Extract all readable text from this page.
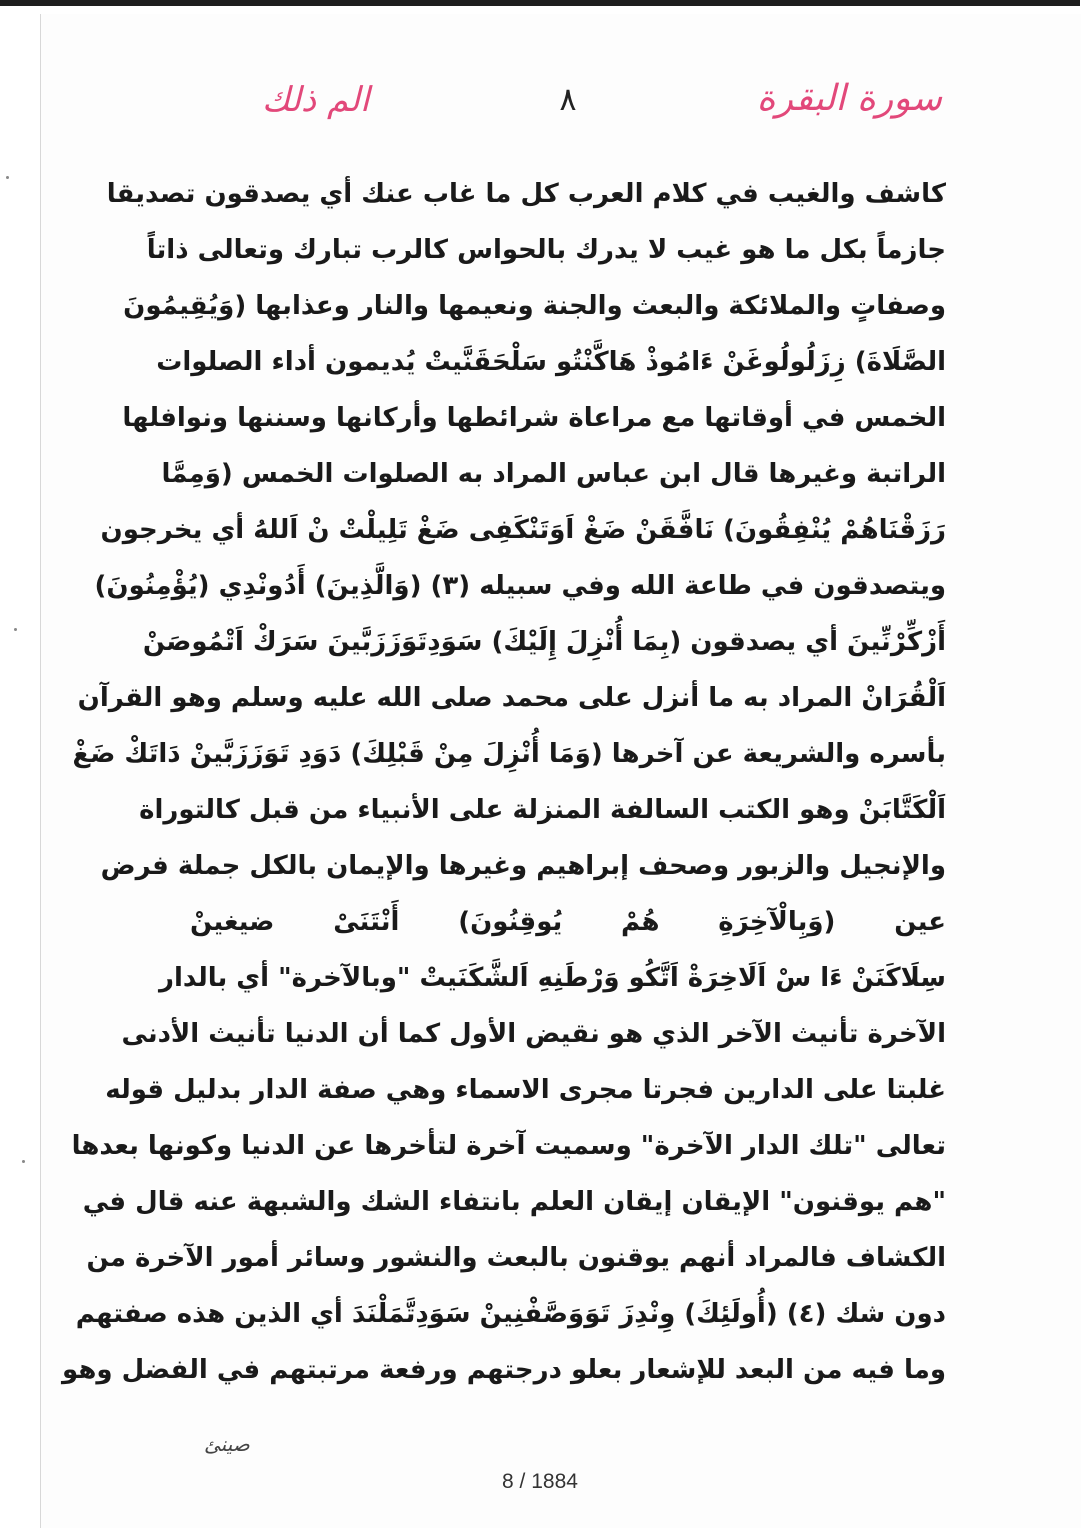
سورة البقرة
٨
الم ذلك
كاشف والغيب في كلام العرب كل ما غاب عنك أي يصدقون تصديقا
جازماً بكل ما هو غيب لا يدرك بالحواس كالرب تبارك وتعالى ذاتاً
وصفاتٍ والملائكة والبعث والجنة ونعيمها والنار وعذابها (وَيُقِيمُونَ
الصَّلَاةَ) زِزَلُولُوغَنْ ءَامُوذْ هَاكَّنْتُو سَلْحَقَنَّيتْ يُديمون أداء الصلوات
الخمس في أوقاتها مع مراعاة شرائطها وأركانها وسننها ونوافلها
الراتبة وغيرها قال ابن عباس المراد به الصلوات الخمس (وَمِمَّا
رَزَقْنَاهُمْ يُنْفِقُونَ) نَافَّقَنْ ضَغْ اَوَتَنْكَفِى ضَغْ تَلِيلْتْ نْ اَللهُ أي يخرجون
ويتصدقون في طاعة الله وفي سبيله (٣) (وَالَّذِينَ) أَدُونْدِي (يُؤْمِنُونَ)
أَزْكِّرْنِّينَ أي يصدقون (بِمَا أُنْزِلَ إِلَيْكَ) سَوَدِتَوَزَزَبَّينَ سَرَكْ اَتْمُوصَنْ
اَلْقُرَانْ المراد به ما أنزل على محمد صلى الله عليه وسلم وهو القرآن
بأسره والشريعة عن آخرها (وَمَا أُنْزِلَ مِنْ قَبْلِكَ) دَوَدِ تَوَزَزَبَّينْ دَاتَكْ ضَغْ
اَلْكَتَّابَنْ وهو الكتب السالفة المنزلة على الأنبياء من قبل كالتوراة
والإنجيل والزبور وصحف إبراهيم وغيرها والإيمان بالكل جملة فرض
عين (وَبِالْآخِرَةِ هُمْ يُوقِنُونَ) أَنْتَنَىْ ضيغينْ
سِلَاكَنَنْ ءَا سْ اَلَاخِرَةْ اَتَّكُو وَرْطَنِهِ اَلشَّكَنَيتْ "وبالآخرة" أي بالدار
الآخرة تأنيث الآخر الذي هو نقيض الأول كما أن الدنيا تأنيث الأدنى
غلبتا على الدارين فجرتا مجرى الاسماء وهي صفة الدار بدليل قوله
تعالى "تلك الدار الآخرة" وسميت آخرة لتأخرها عن الدنيا وكونها بعدها
"هم يوقنون" الإيقان إيقان العلم بانتفاء الشك والشبهة عنه قال في
الكشاف فالمراد أنهم يوقنون بالبعث والنشور وسائر أمور الآخرة من
دون شك (٤) (أُولَئِكَ) وِنْدِزَ تَوَوَصَّفْنِينْ سَوَدِتَّمَلْنَدَ أي الذين هذه صفتهم
وما فيه من البعد للإشعار بعلو درجتهم ورفعة مرتبتهم في الفضل وهو
صينئ
8 / 1884
